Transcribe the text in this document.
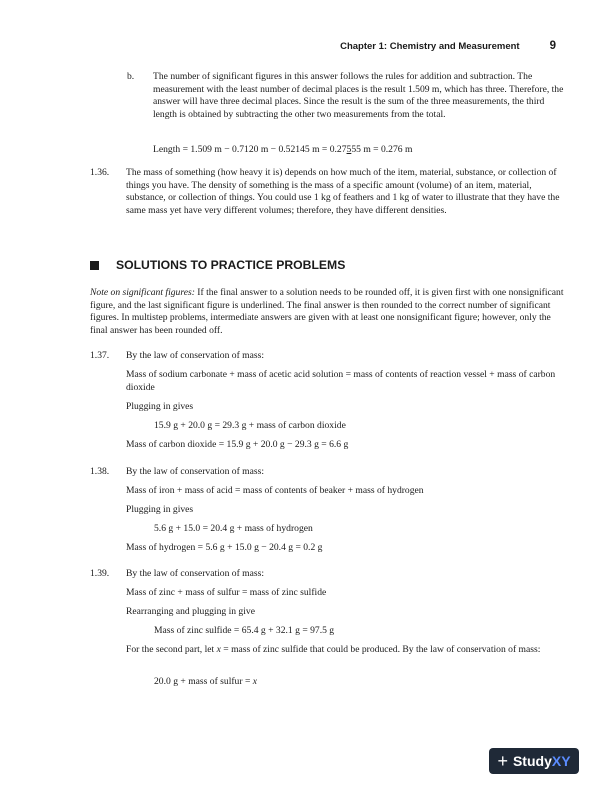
Chapter 1: Chemistry and Measurement	9
b. The number of significant figures in this answer follows the rules for addition and subtraction. The measurement with the least number of decimal places is the result 1.509 m, which has three. Therefore, the answer will have three decimal places. Since the result is the sum of the three measurements, the third length is obtained by subtracting the other two measurements from the total.
Length = 1.509 m − 0.7120 m − 0.52145 m = 0.27555 m = 0.276 m
1.36. The mass of something (how heavy it is) depends on how much of the item, material, substance, or collection of things you have. The density of something is the mass of a specific amount (volume) of an item, material, substance, or collection of things. You could use 1 kg of feathers and 1 kg of water to illustrate that they have the same mass yet have very different volumes; therefore, they have different densities.
SOLUTIONS TO PRACTICE PROBLEMS
Note on significant figures: If the final answer to a solution needs to be rounded off, it is given first with one nonsignificant figure, and the last significant figure is underlined. The final answer is then rounded to the correct number of significant figures. In multistep problems, intermediate answers are given with at least one nonsignificant figure; however, only the final answer has been rounded off.
1.37. By the law of conservation of mass:
Mass of sodium carbonate + mass of acetic acid solution = mass of contents of reaction vessel + mass of carbon dioxide
Plugging in gives
15.9 g + 20.0 g = 29.3 g + mass of carbon dioxide
Mass of carbon dioxide = 15.9 g + 20.0 g − 29.3 g = 6.6 g
1.38. By the law of conservation of mass:
Mass of iron + mass of acid = mass of contents of beaker + mass of hydrogen
Plugging in gives
5.6 g + 15.0 = 20.4 g + mass of hydrogen
Mass of hydrogen = 5.6 g + 15.0 g − 20.4 g = 0.2 g
1.39. By the law of conservation of mass:
Mass of zinc + mass of sulfur = mass of zinc sulfide
Rearranging and plugging in give
Mass of zinc sulfide = 65.4 g + 32.1 g = 97.5 g
For the second part, let x = mass of zinc sulfide that could be produced. By the law of conservation of mass:
20.0 g + mass of sulfur = x
+ Study XY
